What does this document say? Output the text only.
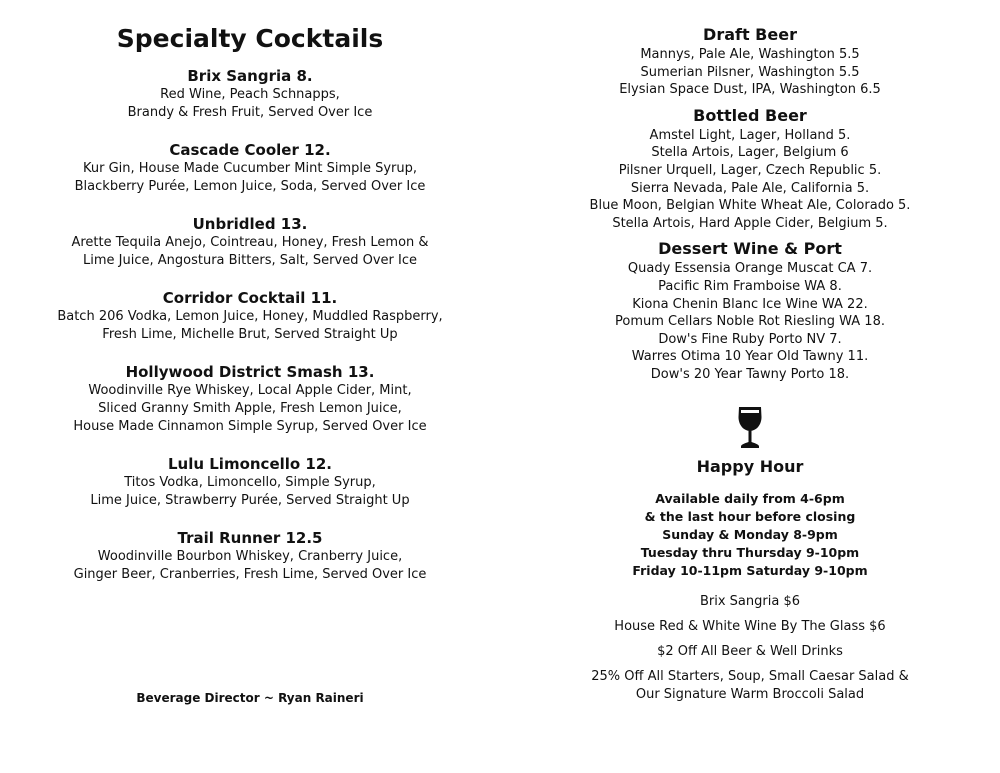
Specialty Cocktails
Brix Sangria 8.
Red Wine, Peach Schnapps,
Brandy & Fresh Fruit, Served Over Ice
Cascade Cooler 12.
Kur Gin, House Made Cucumber Mint Simple Syrup,
Blackberry Purée, Lemon Juice, Soda, Served Over Ice
Unbridled 13.
Arette Tequila Anejo, Cointreau, Honey, Fresh Lemon &
Lime Juice, Angostura Bitters, Salt, Served Over Ice
Corridor Cocktail 11.
Batch 206 Vodka, Lemon Juice, Honey, Muddled Raspberry,
Fresh Lime, Michelle Brut, Served Straight Up
Hollywood District Smash 13.
Woodinville Rye Whiskey, Local Apple Cider, Mint,
Sliced Granny Smith Apple, Fresh Lemon Juice,
House Made Cinnamon Simple Syrup, Served Over Ice
Lulu Limoncello 12.
Titos Vodka, Limoncello, Simple Syrup,
Lime Juice, Strawberry Purée, Served Straight Up
Trail Runner 12.5
Woodinville Bourbon Whiskey, Cranberry Juice,
Ginger Beer, Cranberries, Fresh Lime, Served Over Ice
Beverage Director ~ Ryan Raineri
Draft Beer
Mannys, Pale Ale, Washington 5.5
Sumerian Pilsner, Washington 5.5
Elysian Space Dust, IPA, Washington 6.5
Bottled Beer
Amstel Light, Lager, Holland 5.
Stella Artois, Lager, Belgium 6
Pilsner Urquell, Lager, Czech Republic 5.
Sierra Nevada, Pale Ale, California 5.
Blue Moon, Belgian White Wheat Ale, Colorado 5.
Stella Artois, Hard Apple Cider, Belgium 5.
Dessert Wine & Port
Quady Essensia Orange Muscat CA 7.
Pacific Rim Framboise WA 8.
Kiona Chenin Blanc Ice Wine WA 22.
Pomum Cellars Noble Rot Riesling WA 18.
Dow's Fine Ruby Porto NV 7.
Warres Otima 10 Year Old Tawny 11.
Dow's 20 Year Tawny Porto 18.
Happy Hour
Available daily from 4-6pm
& the last hour before closing
Sunday & Monday 8-9pm
Tuesday thru Thursday 9-10pm
Friday 10-11pm Saturday 9-10pm
Brix Sangria $6
House Red & White Wine By The Glass $6
$2 Off All Beer & Well Drinks
25% Off All Starters, Soup, Small Caesar Salad &
Our Signature Warm Broccoli Salad
